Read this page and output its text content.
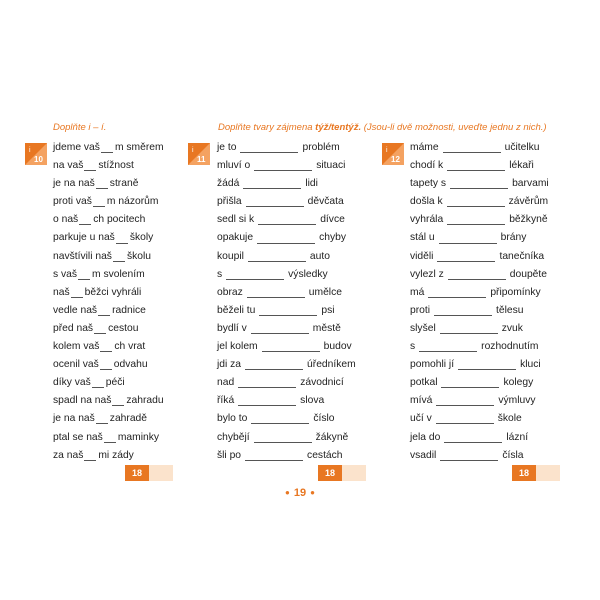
Doplňte i – í.	Doplňte tvary zájmena týž/tentýž. (Jsou-li dvě možnosti, uveďte jednu z nich.)
i
10
i
11
i
12
jdeme vaš m směrem
na vaš stížnost
je na naš straně
proti vaš m názorům
o naš ch pocitech
parkuje u naš školy
navštívili naš školu
s vaš m svolením
naš běžci vyhráli
vedle naš radnice
před naš cestou
kolem vaš ch vrat
ocenil vaš odvahu
díky vaš péči
spadl na naš zahradu
je na naš zahradě
ptal se naš maminky
za naš mi zády
je to	problém
mluví o	situaci
žádá	lidi
přišla	děvčata
sedl si k	dívce
opakuje	chyby
koupil	auto
s	výsledky
obraz	umělce
běželi tu	psi
bydlí v	městě
jel kolem	budov
jdi za	úředníkem
nad	závodnicí
říká	slova
bylo to	číslo
chybějí	žákyně
šli po	cestách
máme	učitelku
chodí k	lékaři
tapety s	barvami
došla k	závěrům
vyhrála	běžkyně
stál u	brány
viděli	tanečníka
vylezl z	doupěte
má	připomínky
proti	tělesu
slyšel	zvuk
s	rozhodnutím
pomohli jí	kluci
potkal	kolegy
mívá	výmluvy
učí v	škole
jela do	lázní
vsadil	čísla
18	18	18
● 19 ●
